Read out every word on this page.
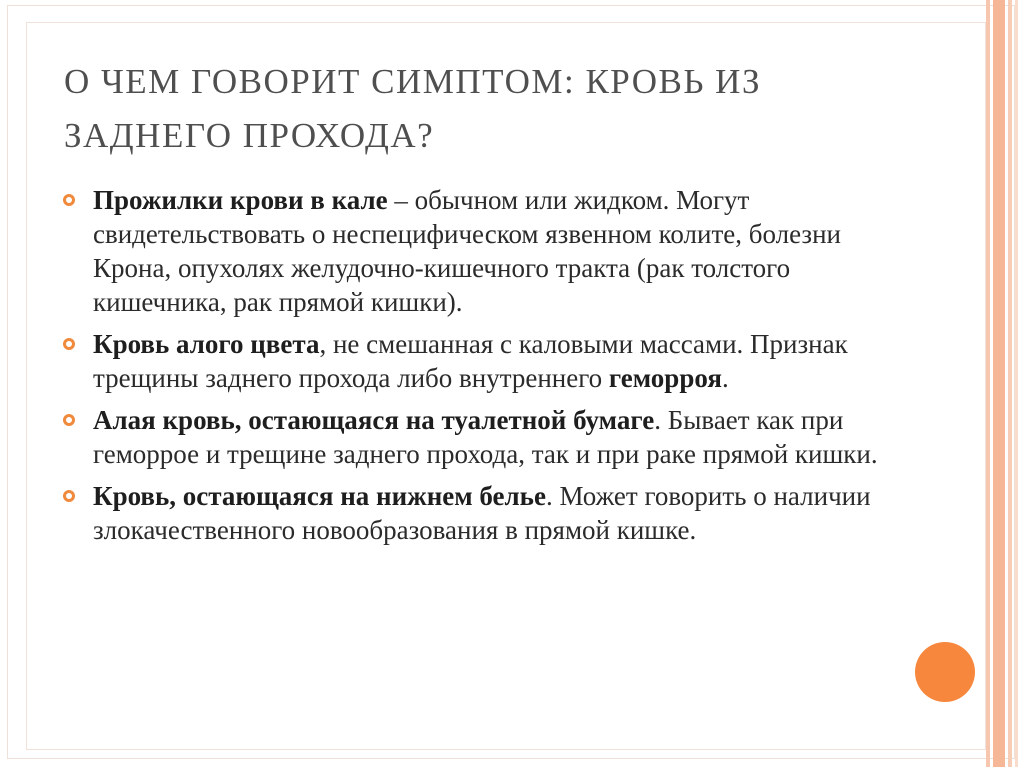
О ЧЕМ ГОВОРИТ СИМПТОМ: КРОВЬ ИЗ
ЗАДНЕГО ПРОХОДА?
Прожилки крови в кале – обычном или жидком. Могут свидетельствовать о неспецифическом язвенном колите, болезни Крона, опухолях желудочно-кишечного тракта (рак толстого кишечника, рак прямой кишки).
Кровь алого цвета, не смешанная с каловыми массами. Признак трещины заднего прохода либо внутреннего геморроя.
Алая кровь, остающаяся на туалетной бумаге. Бывает как при геморрое и трещине заднего прохода, так и при раке прямой кишки.
Кровь, остающаяся на нижнем белье. Может говорить о наличии злокачественного новообразования в прямой кишке.
